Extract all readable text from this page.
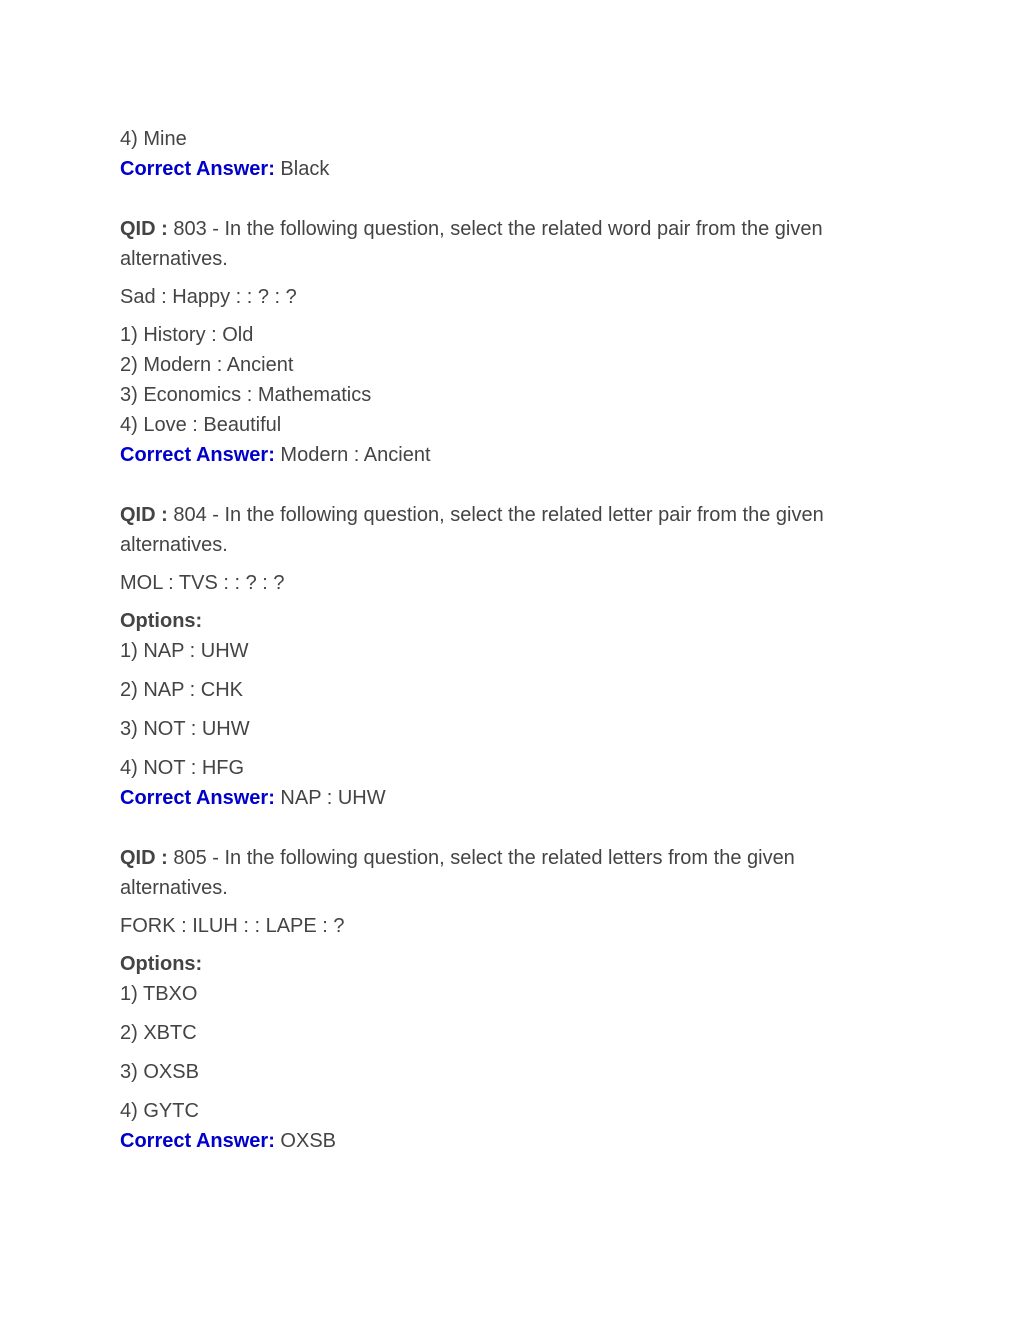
4) Mine
Correct Answer: Black
QID : 803 - In the following question, select the related word pair from the given alternatives.
Sad : Happy : : ? : ?
1) History : Old
2) Modern : Ancient
3) Economics : Mathematics
4) Love : Beautiful
Correct Answer: Modern : Ancient
QID : 804 - In the following question, select the related letter pair from the given alternatives.
MOL : TVS : : ? : ?
Options:
1) NAP : UHW
2) NAP : CHK
3) NOT : UHW
4) NOT : HFG
Correct Answer: NAP : UHW
QID : 805 - In the following question, select the related letters from the given alternatives.
FORK : ILUH : : LAPE : ?
Options:
1) TBXO
2) XBTC
3) OXSB
4) GYTC
Correct Answer: OXSB
